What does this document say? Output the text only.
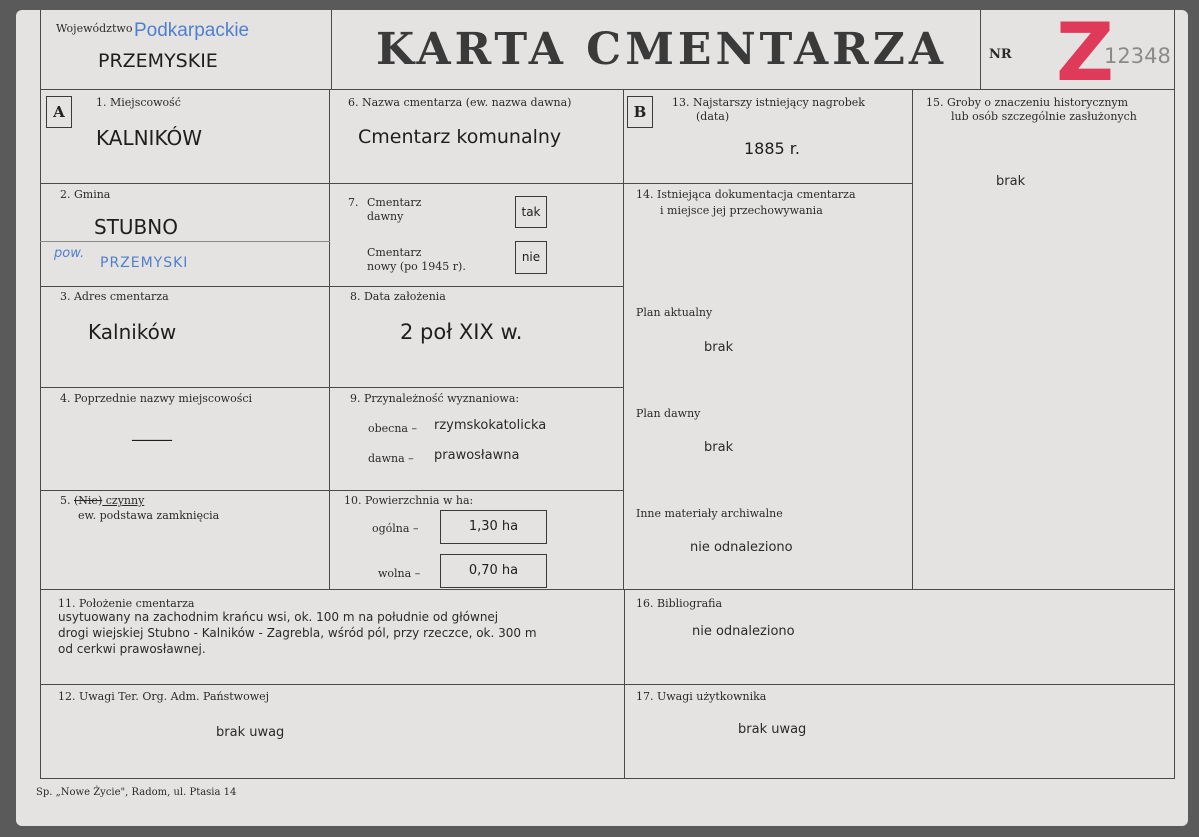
Województwo Podkarpackie
PRZEMYSKIE	KARTA CMENTARZA	NR Z
12348
A
1. Miejscowość
KALNIKÓW
6. Nazwa cmentarza (ew. nazwa dawna)
Cmentarz komunalny
2. Gmina
STUBNO
pow.
PRZEMYSKI
7. Cmentarz
dawny	tak
Cmentarz
nowy (po 1945 r).
nie
3. Adres cmentarza
Kalników
8. Data założenia
2 poł XIX w.
4. Poprzednie nazwy miejscowości
_____
9. Przynależność wyznaniowa:
obecna – rzymskokatolicka
dawna – prawosławna
5. (Nie) czynny
ew. podstawa zamknięcia
10. Powierzchnia w ha:
ogólna –	1,30 ha
wolna –	0,70 ha
B
13. Najstarszy istniejący nagrobek
(data)
1885 r.
15. Groby o znaczeniu historycznym
lub osób szczególnie zasłużonych
brak
14. Istniejąca dokumentacja cmentarza
i miejsce jej przechowywania
Plan aktualny
brak
Plan dawny
brak
Inne materiały archiwalne
nie odnaleziono
11. Położenie cmentarza
usytuowany na zachodnim krańcu wsi, ok. 100 m na południe od głównej
drogi wiejskiej Stubno - Kalników - Zagrebla, wśród pól, przy rzeczce, ok. 300 m
od cerkwi prawosławnej.
16. Bibliografia
nie odnaleziono
12. Uwagi Ter. Org. Adm. Państwowej
brak uwag
17. Uwagi użytkownika
brak uwag
Sp. „Nowe Życie", Radom, ul. Ptasia 14
